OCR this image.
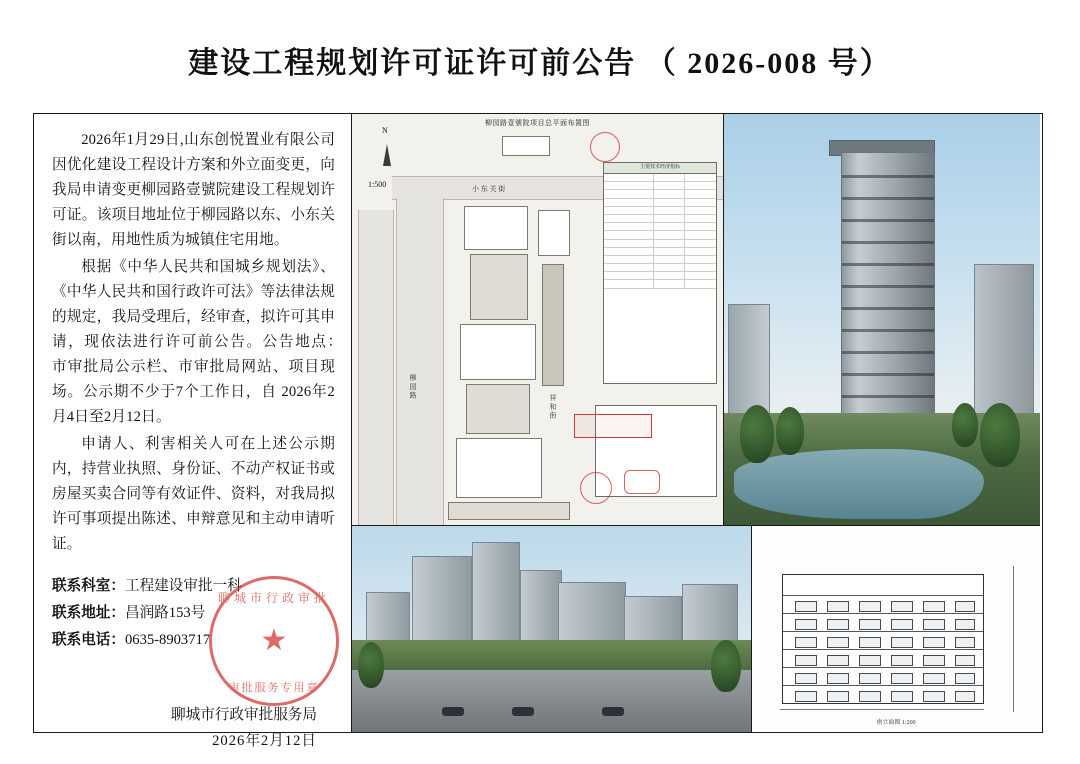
建设工程规划许可证许可前公告 （ 2026-008 号）

2026年1月29日,山东创悦置业有限公司因优化建设工程设计方案和外立面变更，向我局申请变更柳园路壹號院建设工程规划许可证。该项目地址位于柳园路以东、小东关街以南，用地性质为城镇住宅用地。

根据《中华人民共和国城乡规划法》、《中华人民共和国行政许可法》等法律法规的规定，我局受理后，经审查，拟许可其申请，现依法进行许可前公告。公告地点：　市审批局公示栏、市审批局网站、项目现场。公示期不少于7个工作日，自 2026年2月4日至2月12日。

申请人、利害相关人可在上述公示期内，持营业执照、身份证、不动产权证书或房屋买卖合同等有效证件、资料，对我局拟许可事项提出陈述、申辩意见和主动申请听证。

联系科室：工程建设审批一科
联系地址：昌润路153号
联系电话：0635-8903717
聊城市行政审批服务局
2026年2月12日
聊城市行政审批
★
审批服务专用章
柳园路壹號院项目总平面布置图
N
1:500	小 东 关 街
柳 园 路
祥 和 街
主要技术经济指标
南立面图 1:200
